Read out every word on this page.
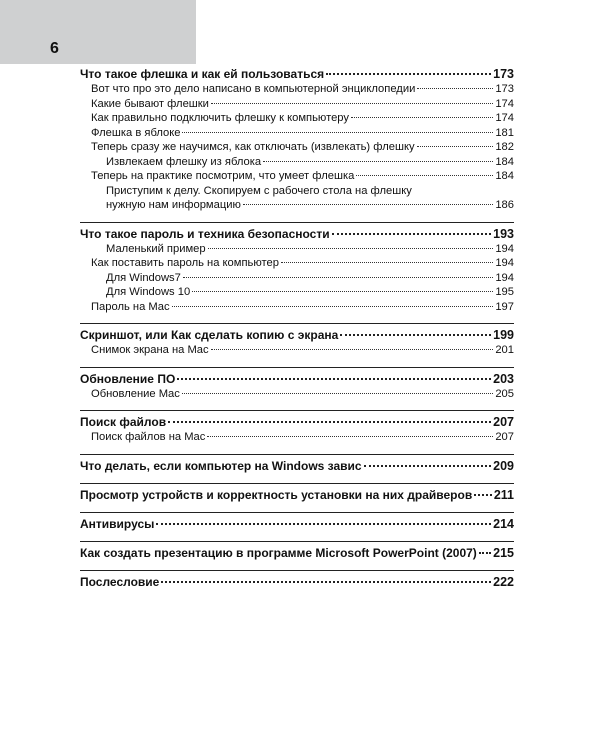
6
Что такое флешка и как ей пользоваться	173
Вот что про это дело написано в компьютерной энциклопедии	173
Какие бывают флешки	174
Как правильно подключить флешку к компьютеру	174
Флешка в яблоке	181
Теперь сразу же научимся, как отключать (извлекать) флешку	182
Извлекаем флешку из яблока	184
Теперь на практике посмотрим, что умеет флешка	184
Приступим к делу. Скопируем с рабочего стола на флешку
нужную нам информацию	186
Что такое пароль и техника безопасности	193
Маленький пример	194
Как поставить пароль на компьютер	194
Для Windows7	194
Для Windows 10	195
Пароль на Mac	197
Скриншот, или Как сделать копию с экрана	199
Снимок экрана на Mac	201
Обновление ПО	203
Обновление Mac	205
Поиск файлов	207
Поиск файлов на Mac	207
Что делать, если компьютер на Windows завис	209
Просмотр устройств и корректность установки на них драйверов 211
Антивирусы	214
Как создать презентацию в программе Microsoft PowerPoint (2007) 215
Послесловие	222
